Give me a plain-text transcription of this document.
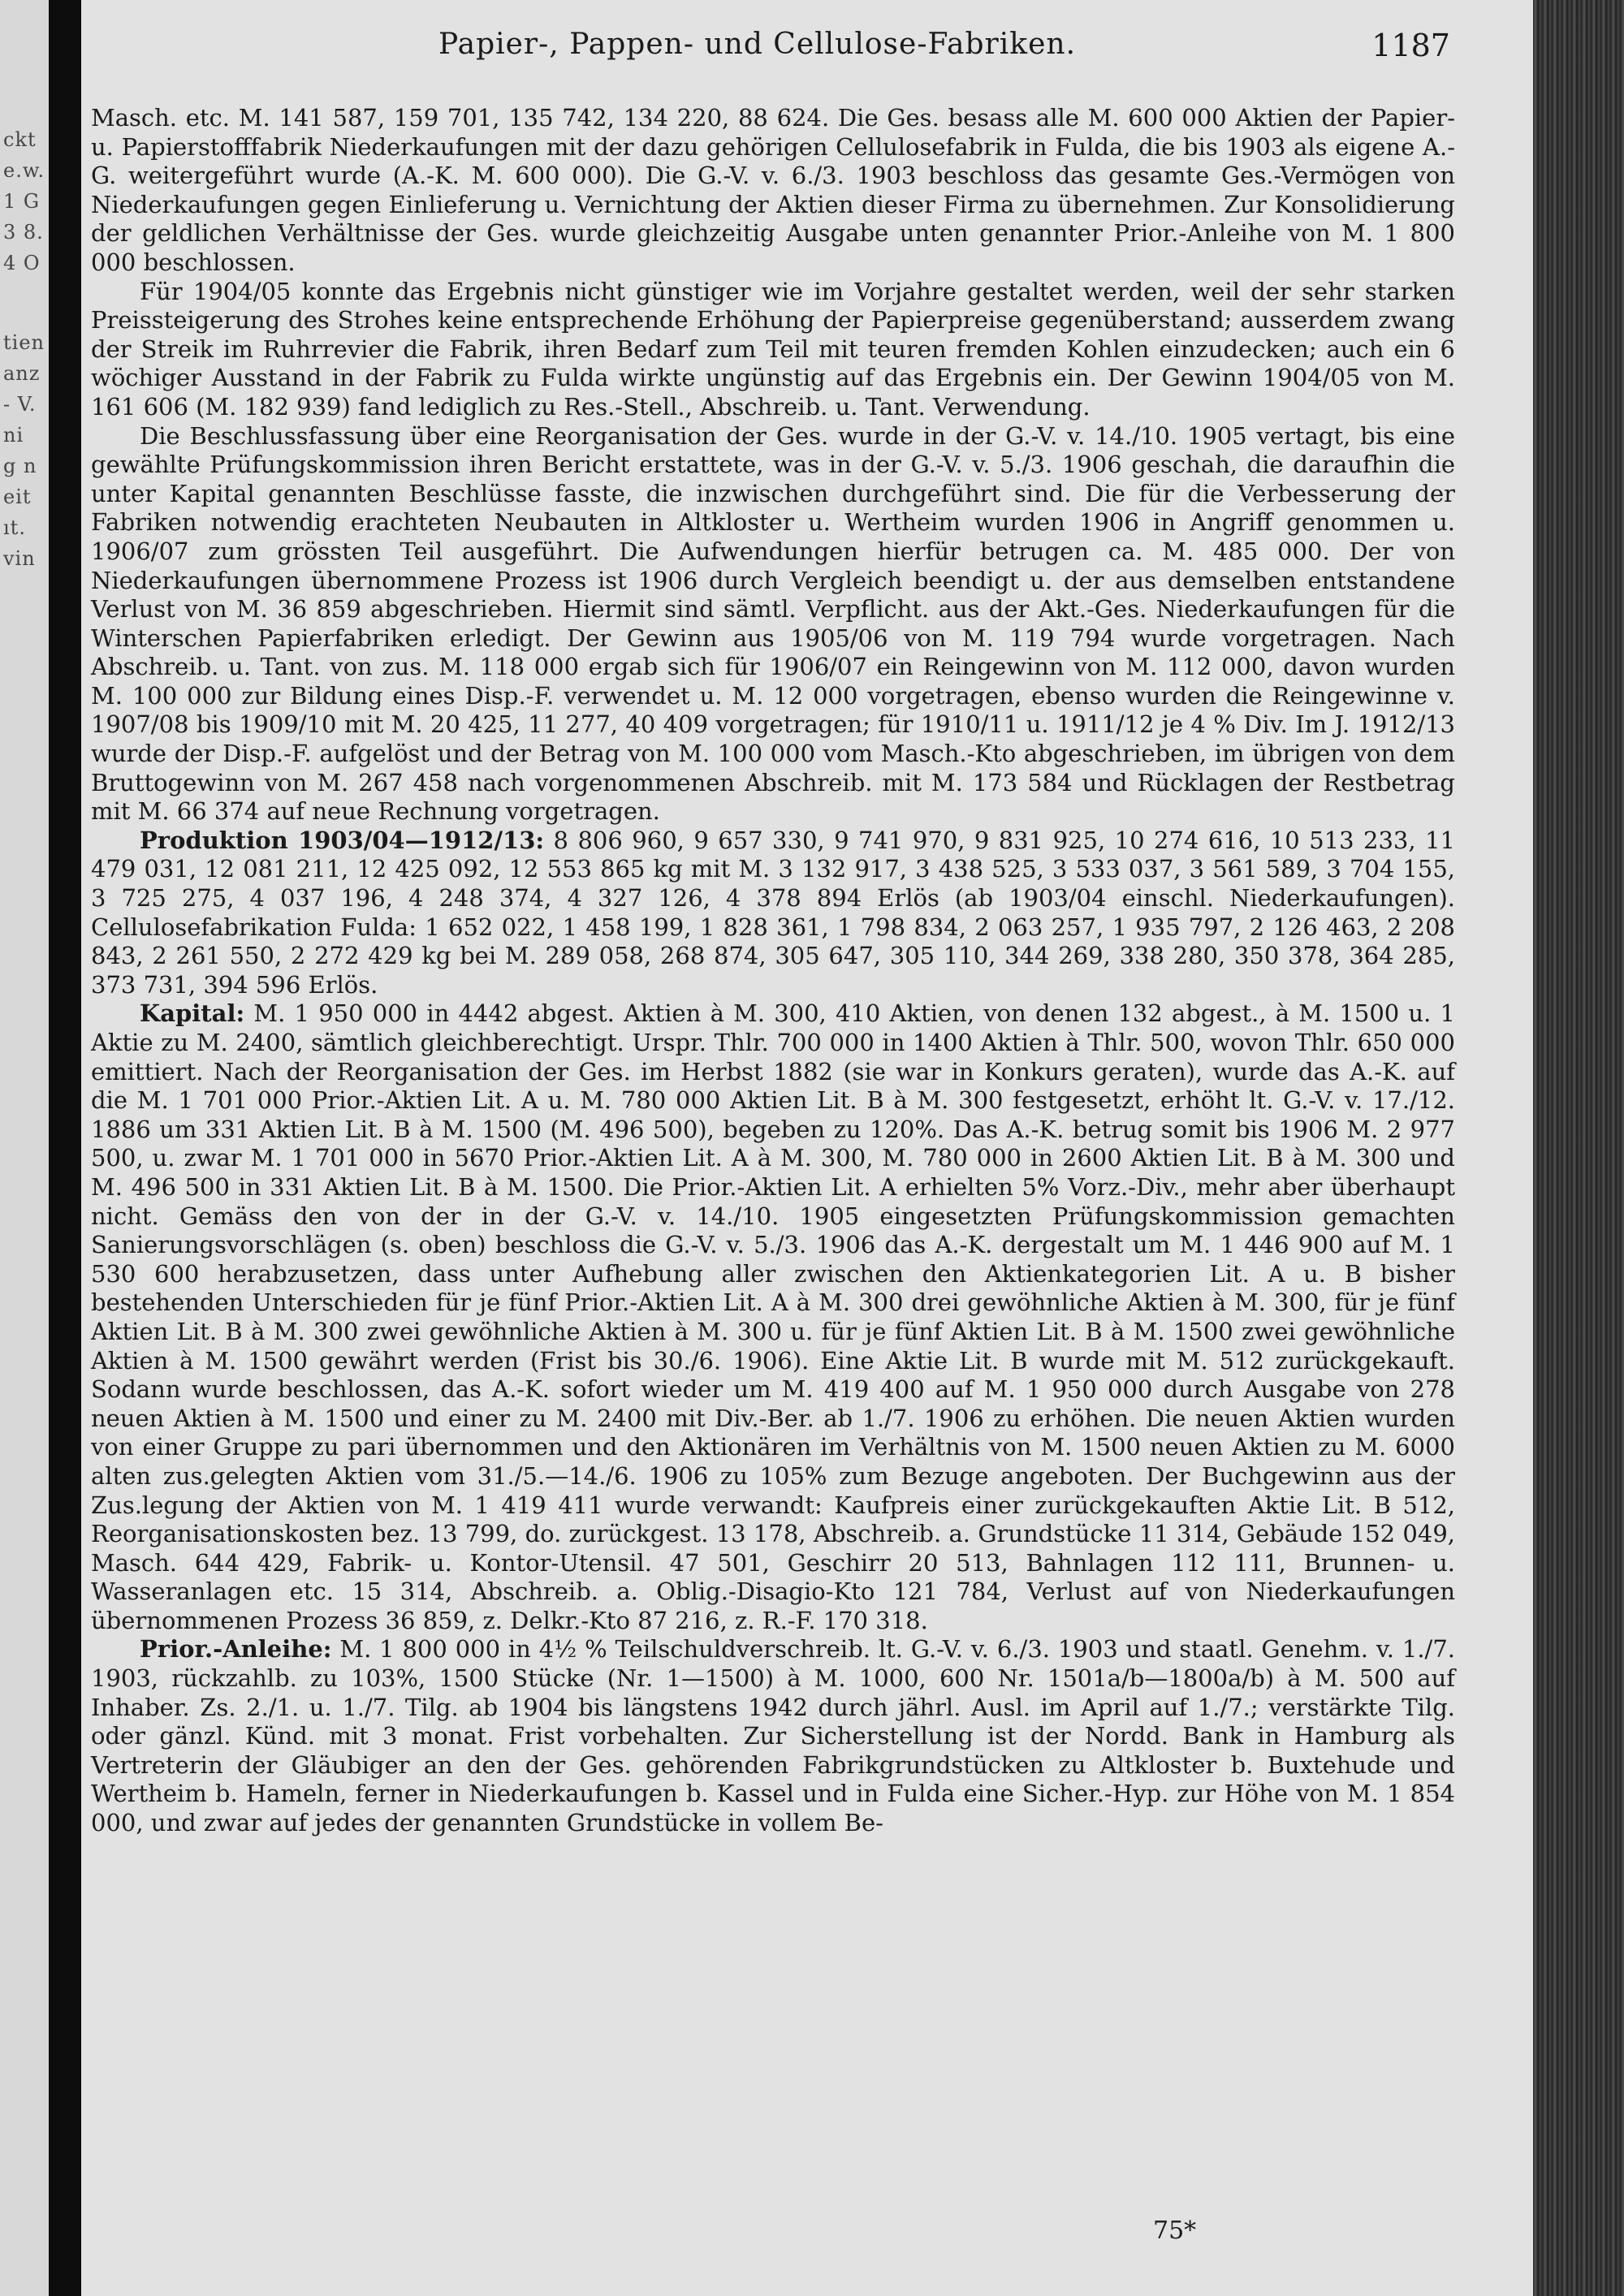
ckt
e.w.
1 G
3 8.
4 O
tien
anz
- V.
ni
g n
eit
ıt.
vin
Papier-, Pappen- und Cellulose-Fabriken.	1187

Masch. etc. M. 141 587, 159 701, 135 742, 134 220, 88 624. Die Ges. besass alle M. 600 000 Aktien der Papier- u. Papierstofffabrik Niederkaufungen mit der dazu gehörigen Cellulosefabrik in Fulda, die bis 1903 als eigene A.-G. weitergeführt wurde (A.-K. M. 600 000). Die G.-V. v. 6./3. 1903 beschloss das gesamte Ges.-Vermögen von Niederkaufungen gegen Einlieferung u. Vernichtung der Aktien dieser Firma zu übernehmen. Zur Konsolidierung der geldlichen Verhältnisse der Ges. wurde gleichzeitig Ausgabe unten genannter Prior.-Anleihe von M. 1 800 000 beschlossen.

Für 1904/05 konnte das Ergebnis nicht günstiger wie im Vorjahre gestaltet werden, weil der sehr starken Preissteigerung des Strohes keine entsprechende Erhöhung der Papierpreise gegenüberstand; ausserdem zwang der Streik im Ruhrrevier die Fabrik, ihren Bedarf zum Teil mit teuren fremden Kohlen einzudecken; auch ein 6 wöchiger Ausstand in der Fabrik zu Fulda wirkte ungünstig auf das Ergebnis ein. Der Gewinn 1904/05 von M. 161 606 (M. 182 939) fand lediglich zu Res.-Stell., Abschreib. u. Tant. Verwendung.

Die Beschlussfassung über eine Reorganisation der Ges. wurde in der G.-V. v. 14./10. 1905 vertagt, bis eine gewählte Prüfungskommission ihren Bericht erstattete, was in der G.-V. v. 5./3. 1906 geschah, die daraufhin die unter Kapital genannten Beschlüsse fasste, die inzwischen durchgeführt sind. Die für die Verbesserung der Fabriken notwendig erachteten Neubauten in Altkloster u. Wertheim wurden 1906 in Angriff genommen u. 1906/07 zum grössten Teil ausgeführt. Die Aufwendungen hierfür betrugen ca. M. 485 000. Der von Niederkaufungen übernommene Prozess ist 1906 durch Vergleich beendigt u. der aus demselben entstandene Verlust von M. 36 859 abgeschrieben. Hiermit sind sämtl. Verpflicht. aus der Akt.-Ges. Niederkaufungen für die Winterschen Papierfabriken erledigt. Der Gewinn aus 1905/06 von M. 119 794 wurde vorgetragen. Nach Abschreib. u. Tant. von zus. M. 118 000 ergab sich für 1906/07 ein Reingewinn von M. 112 000, davon wurden M. 100 000 zur Bildung eines Disp.-F. verwendet u. M. 12 000 vorgetragen, ebenso wurden die Reingewinne v. 1907/08 bis 1909/10 mit M. 20 425, 11 277, 40 409 vorgetragen; für 1910/11 u. 1911/12 je 4 % Div. Im J. 1912/13 wurde der Disp.-F. aufgelöst und der Betrag von M. 100 000 vom Masch.-Kto abgeschrieben, im übrigen von dem Bruttogewinn von M. 267 458 nach vorgenommenen Abschreib. mit M. 173 584 und Rücklagen der Restbetrag mit M. 66 374 auf neue Rechnung vorgetragen.

Produktion 1903/04—1912/13: 8 806 960, 9 657 330, 9 741 970, 9 831 925, 10 274 616, 10 513 233, 11 479 031, 12 081 211, 12 425 092, 12 553 865 kg mit M. 3 132 917, 3 438 525, 3 533 037, 3 561 589, 3 704 155, 3 725 275, 4 037 196, 4 248 374, 4 327 126, 4 378 894 Erlös (ab 1903/04 einschl. Niederkaufungen). Cellulosefabrikation Fulda: 1 652 022, 1 458 199, 1 828 361, 1 798 834, 2 063 257, 1 935 797, 2 126 463, 2 208 843, 2 261 550, 2 272 429 kg bei M. 289 058, 268 874, 305 647, 305 110, 344 269, 338 280, 350 378, 364 285, 373 731, 394 596 Erlös.

Kapital: M. 1 950 000 in 4442 abgest. Aktien à M. 300, 410 Aktien, von denen 132 abgest., à M. 1500 u. 1 Aktie zu M. 2400, sämtlich gleichberechtigt. Urspr. Thlr. 700 000 in 1400 Aktien à Thlr. 500, wovon Thlr. 650 000 emittiert. Nach der Reorganisation der Ges. im Herbst 1882 (sie war in Konkurs geraten), wurde das A.-K. auf die M. 1 701 000 Prior.-Aktien Lit. A u. M. 780 000 Aktien Lit. B à M. 300 festgesetzt, erhöht lt. G.-V. v. 17./12. 1886 um 331 Aktien Lit. B à M. 1500 (M. 496 500), begeben zu 120%. Das A.-K. betrug somit bis 1906 M. 2 977 500, u. zwar M. 1 701 000 in 5670 Prior.-Aktien Lit. A à M. 300, M. 780 000 in 2600 Aktien Lit. B à M. 300 und M. 496 500 in 331 Aktien Lit. B à M. 1500. Die Prior.-Aktien Lit. A erhielten 5% Vorz.-Div., mehr aber überhaupt nicht. Gemäss den von der in der G.-V. v. 14./10. 1905 eingesetzten Prüfungskommission gemachten Sanierungsvorschlägen (s. oben) beschloss die G.-V. v. 5./3. 1906 das A.-K. dergestalt um M. 1 446 900 auf M. 1 530 600 herabzusetzen, dass unter Aufhebung aller zwischen den Aktienkategorien Lit. A u. B bisher bestehenden Unterschieden für je fünf Prior.-Aktien Lit. A à M. 300 drei gewöhnliche Aktien à M. 300, für je fünf Aktien Lit. B à M. 300 zwei gewöhnliche Aktien à M. 300 u. für je fünf Aktien Lit. B à M. 1500 zwei gewöhnliche Aktien à M. 1500 gewährt werden (Frist bis 30./6. 1906). Eine Aktie Lit. B wurde mit M. 512 zurückgekauft. Sodann wurde beschlossen, das A.-K. sofort wieder um M. 419 400 auf M. 1 950 000 durch Ausgabe von 278 neuen Aktien à M. 1500 und einer zu M. 2400 mit Div.-Ber. ab 1./7. 1906 zu erhöhen. Die neuen Aktien wurden von einer Gruppe zu pari übernommen und den Aktionären im Verhältnis von M. 1500 neuen Aktien zu M. 6000 alten zus.gelegten Aktien vom 31./5.—14./6. 1906 zu 105% zum Bezuge angeboten. Der Buchgewinn aus der Zus.legung der Aktien von M. 1 419 411 wurde verwandt: Kaufpreis einer zurückgekauften Aktie Lit. B 512, Reorganisationskosten bez. 13 799, do. zurückgest. 13 178, Abschreib. a. Grundstücke 11 314, Gebäude 152 049, Masch. 644 429, Fabrik- u. Kontor-Utensil. 47 501, Geschirr 20 513, Bahnlagen 112 111, Brunnen- u. Wasseranlagen etc. 15 314, Abschreib. a. Oblig.-Disagio-Kto 121 784, Verlust auf von Niederkaufungen übernommenen Prozess 36 859, z. Delkr.-Kto 87 216, z. R.-F. 170 318.

Prior.-Anleihe: M. 1 800 000 in 4½ % Teilschuldverschreib. lt. G.-V. v. 6./3. 1903 und staatl. Genehm. v. 1./7. 1903, rückzahlb. zu 103%, 1500 Stücke (Nr. 1—1500) à M. 1000, 600 Nr. 1501a/b—1800a/b) à M. 500 auf Inhaber. Zs. 2./1. u. 1./7. Tilg. ab 1904 bis längstens 1942 durch jährl. Ausl. im April auf 1./7.; verstärkte Tilg. oder gänzl. Künd. mit 3 monat. Frist vorbehalten. Zur Sicherstellung ist der Nordd. Bank in Hamburg als Vertreterin der Gläubiger an den der Ges. gehörenden Fabrikgrundstücken zu Altkloster b. Buxtehude und Wertheim b. Hameln, ferner in Niederkaufungen b. Kassel und in Fulda eine Sicher.-Hyp. zur Höhe von M. 1 854 000, und zwar auf jedes der genannten Grundstücke in vollem Be-

75*
